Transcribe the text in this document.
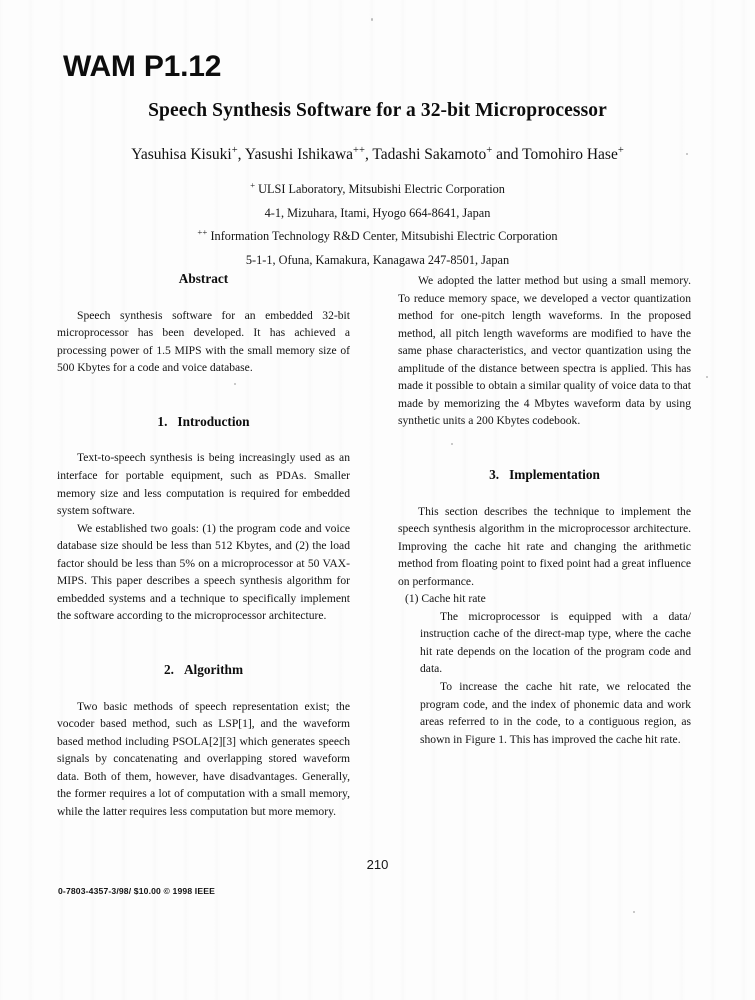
WAM P1.12
Speech Synthesis Software for a 32-bit Microprocessor
Yasuhisa Kisuki+, Yasushi Ishikawa++, Tadashi Sakamoto+ and Tomohiro Hase+
+ ULSI Laboratory, Mitsubishi Electric Corporation
4-1, Mizuhara, Itami, Hyogo 664-8641, Japan
++ Information Technology R&D Center, Mitsubishi Electric Corporation
5-1-1, Ofuna, Kamakura, Kanagawa 247-8501, Japan
Abstract

Speech synthesis software for an embedded 32-bit microprocessor has been developed. It has achieved a processing power of 1.5 MIPS with the small memory size of 500 Kbytes for a code and voice database.

1. Introduction

Text-to-speech synthesis is being increasingly used as an interface for portable equipment, such as PDAs. Smaller memory size and less computation is required for embedded system software.

We established two goals: (1) the program code and voice database size should be less than 512 Kbytes, and (2) the load factor should be less than 5% on a microprocessor at 50 VAX-MIPS. This paper describes a speech synthesis algorithm for embedded systems and a technique to specifically implement the software according to the microprocessor architecture.

2. Algorithm

Two basic methods of speech representation exist; the vocoder based method, such as LSP[1], and the waveform based method including PSOLA[2][3] which generates speech signals by concatenating and overlapping stored waveform data. Both of them, however, have disadvantages. Generally, the former requires a lot of computation with a small memory, while the latter requires less computation but more memory.

We adopted the latter method but using a small memory. To reduce memory space, we developed a vector quantization method for one-pitch length waveforms. In the proposed method, all pitch length waveforms are modified to have the same phase characteristics, and vector quantization using the amplitude of the distance between spectra is applied. This has made it possible to obtain a similar quality of voice data to that made by memorizing the 4 Mbytes waveform data by using synthetic units a 200 Kbytes codebook.

3. Implementation

This section describes the technique to implement the speech synthesis algorithm in the microprocessor architecture. Improving the cache hit rate and changing the arithmetic method from floating point to fixed point had a great influence on performance.

(1) Cache hit rate

The microprocessor is equipped with a data/ instruction cache of the direct-map type, where the cache hit rate depends on the location of the program code and data.

To increase the cache hit rate, we relocated the program code, and the index of phonemic data and work areas referred to in the code, to a contiguous region, as shown in Figure 1. This has improved the cache hit rate.

210
0-7803-4357-3/98/ $10.00 © 1998 IEEE
